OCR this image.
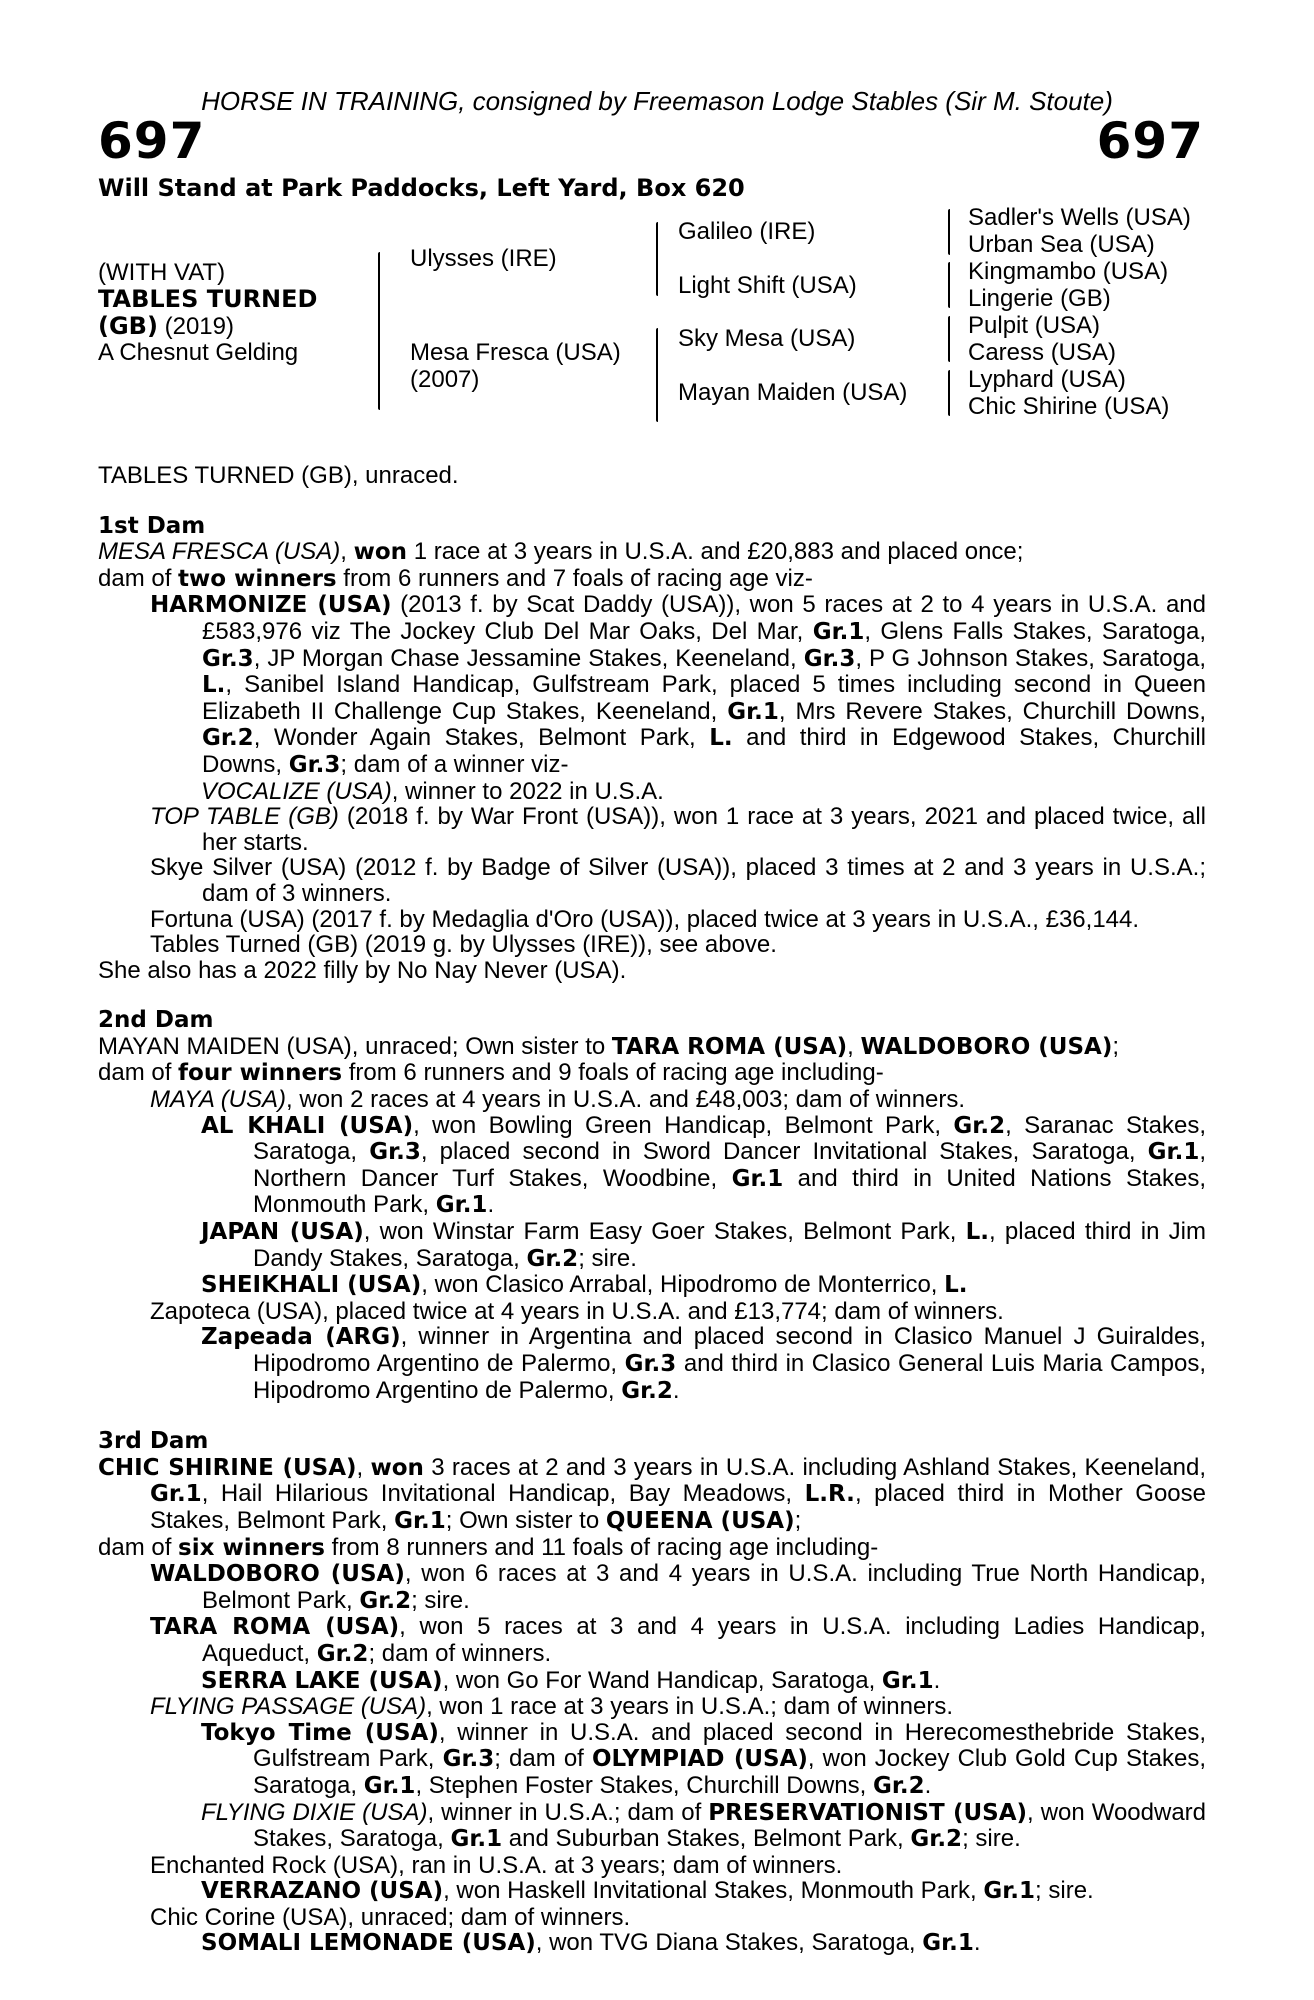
HORSE IN TRAINING, consigned by Freemason Lodge Stables (Sir M. Stoute)
697	697
Will Stand at Park Paddocks, Left Yard, Box 620
(WITH VAT)
TABLES TURNED
(GB) (2019)
A Chesnut Gelding
Ulysses (IRE)
Mesa Fresca (USA)
(2007)
Galileo (IRE)
Light Shift (USA)
Sky Mesa (USA)
Mayan Maiden (USA)
Sadler's Wells (USA)
Urban Sea (USA)
Kingmambo (USA)
Lingerie (GB)
Pulpit (USA)
Caress (USA)
Lyphard (USA)
Chic Shirine (USA)

TABLES TURNED (GB), unraced.

1st Dam

MESA FRESCA (USA), won 1 race at 3 years in U.S.A. and £20,883 and placed once;

dam of two winners from 6 runners and 7 foals of racing age viz-

HARMONIZE (USA) (2013 f. by Scat Daddy (USA)), won 5 races at 2 to 4 years in U.S.A. and £583,976 viz The Jockey Club Del Mar Oaks, Del Mar, Gr.1, Glens Falls Stakes, Saratoga, Gr.3, JP Morgan Chase Jessamine Stakes, Keeneland, Gr.3, P G Johnson Stakes, Saratoga, L., Sanibel Island Handicap, Gulfstream Park, placed 5 times including second in Queen Elizabeth II Challenge Cup Stakes, Keeneland, Gr.1, Mrs Revere Stakes, Churchill Downs, Gr.2, Wonder Again Stakes, Belmont Park, L. and third in Edgewood Stakes, Churchill Downs, Gr.3; dam of a winner viz-

VOCALIZE (USA), winner to 2022 in U.S.A.

TOP TABLE (GB) (2018 f. by War Front (USA)), won 1 race at 3 years, 2021 and placed twice, all her starts.

Skye Silver (USA) (2012 f. by Badge of Silver (USA)), placed 3 times at 2 and 3 years in U.S.A.; dam of 3 winners.

Fortuna (USA) (2017 f. by Medaglia d'Oro (USA)), placed twice at 3 years in U.S.A., £36,144.

Tables Turned (GB) (2019 g. by Ulysses (IRE)), see above.

She also has a 2022 filly by No Nay Never (USA).

2nd Dam

MAYAN MAIDEN (USA), unraced; Own sister to TARA ROMA (USA), WALDOBORO (USA);

dam of four winners from 6 runners and 9 foals of racing age including-

MAYA (USA), won 2 races at 4 years in U.S.A. and £48,003; dam of winners.

AL KHALI (USA), won Bowling Green Handicap, Belmont Park, Gr.2, Saranac Stakes, Saratoga, Gr.3, placed second in Sword Dancer Invitational Stakes, Saratoga, Gr.1, Northern Dancer Turf Stakes, Woodbine, Gr.1 and third in United Nations Stakes, Monmouth Park, Gr.1.

JAPAN (USA), won Winstar Farm Easy Goer Stakes, Belmont Park, L., placed third in Jim Dandy Stakes, Saratoga, Gr.2; sire.

SHEIKHALI (USA), won Clasico Arrabal, Hipodromo de Monterrico, L.

Zapoteca (USA), placed twice at 4 years in U.S.A. and £13,774; dam of winners.

Zapeada (ARG), winner in Argentina and placed second in Clasico Manuel J Guiraldes, Hipodromo Argentino de Palermo, Gr.3 and third in Clasico General Luis Maria Campos, Hipodromo Argentino de Palermo, Gr.2.

3rd Dam

CHIC SHIRINE (USA), won 3 races at 2 and 3 years in U.S.A. including Ashland Stakes, Keeneland, Gr.1, Hail Hilarious Invitational Handicap, Bay Meadows, L.R., placed third in Mother Goose Stakes, Belmont Park, Gr.1; Own sister to QUEENA (USA);

dam of six winners from 8 runners and 11 foals of racing age including-

WALDOBORO (USA), won 6 races at 3 and 4 years in U.S.A. including True North Handicap, Belmont Park, Gr.2; sire.

TARA ROMA (USA), won 5 races at 3 and 4 years in U.S.A. including Ladies Handicap, Aqueduct, Gr.2; dam of winners.

SERRA LAKE (USA), won Go For Wand Handicap, Saratoga, Gr.1.

FLYING PASSAGE (USA), won 1 race at 3 years in U.S.A.; dam of winners.

Tokyo Time (USA), winner in U.S.A. and placed second in Herecomesthebride Stakes, Gulfstream Park, Gr.3; dam of OLYMPIAD (USA), won Jockey Club Gold Cup Stakes, Saratoga, Gr.1, Stephen Foster Stakes, Churchill Downs, Gr.2.

FLYING DIXIE (USA), winner in U.S.A.; dam of PRESERVATIONIST (USA), won Woodward Stakes, Saratoga, Gr.1 and Suburban Stakes, Belmont Park, Gr.2; sire.

Enchanted Rock (USA), ran in U.S.A. at 3 years; dam of winners.

VERRAZANO (USA), won Haskell Invitational Stakes, Monmouth Park, Gr.1; sire.

Chic Corine (USA), unraced; dam of winners.

SOMALI LEMONADE (USA), won TVG Diana Stakes, Saratoga, Gr.1.
